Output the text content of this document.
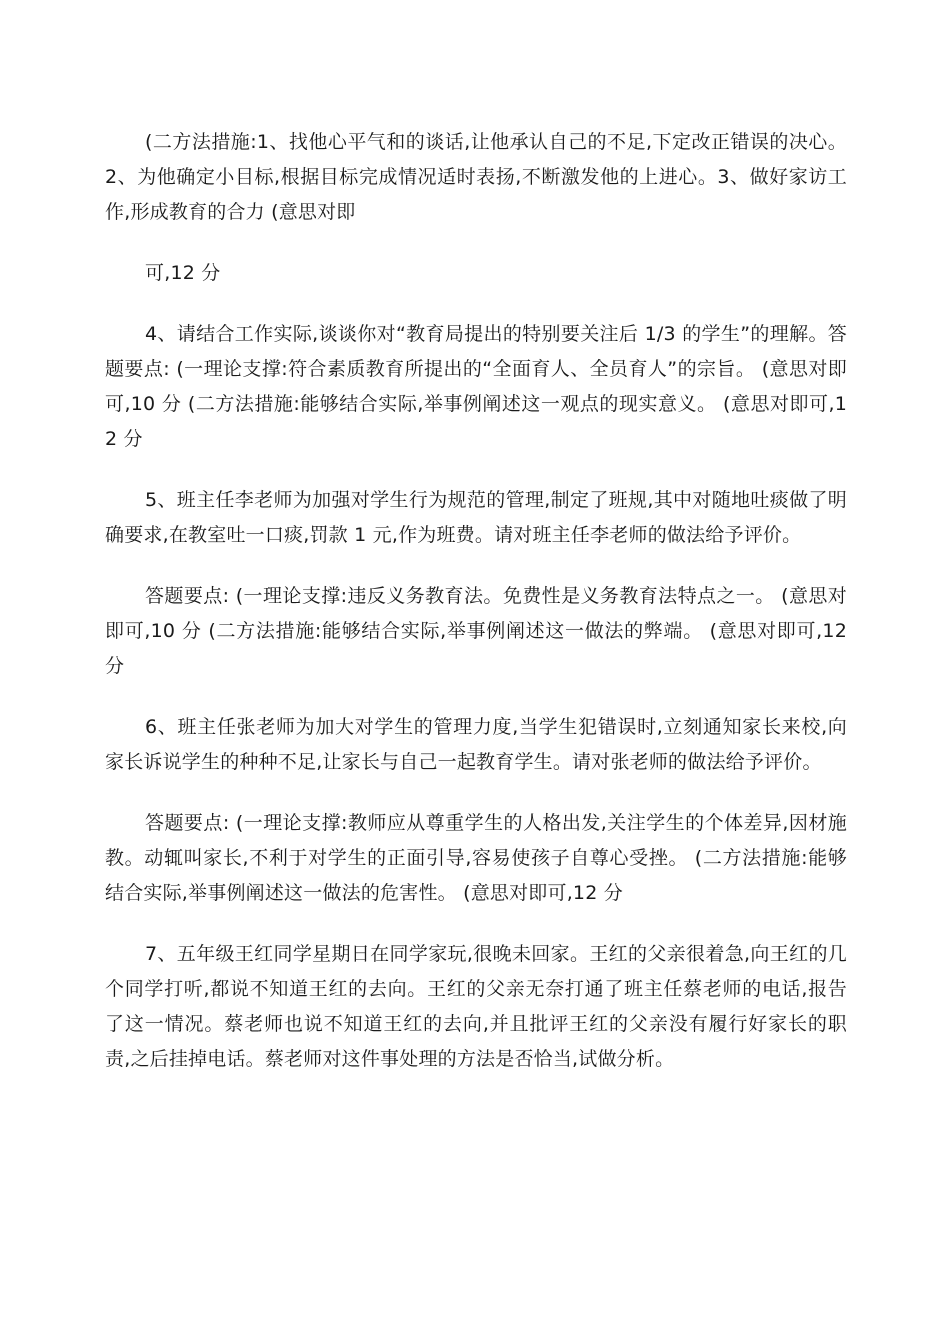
(二方法措施:1、找他心平气和的谈话,让他承认自己的不足,下定改正错误的决心。2、为他确定小目标,根据目标完成情况适时表扬,不断激发他的上进心。3、做好家访工作,形成教育的合力 (意思对即

可,12 分

4、请结合工作实际,谈谈你对“教育局提出的特别要关注后 1/3 的学生”的理解。答题要点: (一理论支撑:符合素质教育所提出的“全面育人、全员育人”的宗旨。 (意思对即可,10 分 (二方法措施:能够结合实际,举事例阐述这一观点的现实意义。 (意思对即可,12 分

5、班主任李老师为加强对学生行为规范的管理,制定了班规,其中对随地吐痰做了明确要求,在教室吐一口痰,罚款 1 元,作为班费。请对班主任李老师的做法给予评价。

答题要点: (一理论支撑:违反义务教育法。免费性是义务教育法特点之一。 (意思对即可,10 分 (二方法措施:能够结合实际,举事例阐述这一做法的弊端。 (意思对即可,12 分

6、班主任张老师为加大对学生的管理力度,当学生犯错误时,立刻通知家长来校,向家长诉说学生的种种不足,让家长与自己一起教育学生。请对张老师的做法给予评价。

答题要点: (一理论支撑:教师应从尊重学生的人格出发,关注学生的个体差异,因材施教。动辄叫家长,不利于对学生的正面引导,容易使孩子自尊心受挫。 (二方法措施:能够结合实际,举事例阐述这一做法的危害性。 (意思对即可,12 分

7、五年级王红同学星期日在同学家玩,很晚未回家。王红的父亲很着急,向王红的几个同学打听,都说不知道王红的去向。王红的父亲无奈打通了班主任蔡老师的电话,报告了这一情况。蔡老师也说不知道王红的去向,并且批评王红的父亲没有履行好家长的职责,之后挂掉电话。蔡老师对这件事处理的方法是否恰当,试做分析。
